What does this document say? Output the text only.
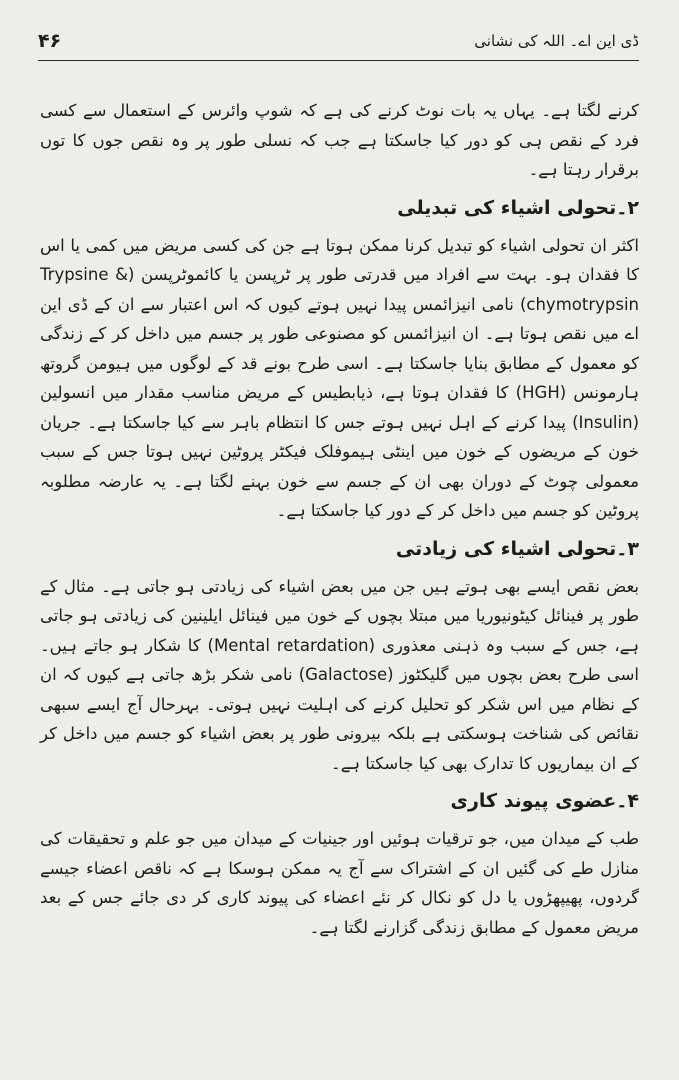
ڈی این اے۔ اللہ کی نشانی
۴۶

کرنے لگتا ہے۔ یہاں یہ بات نوٹ کرنے کی ہے کہ شوپ وائرس کے استعمال سے کسی فرد کے نقص ہی کو دور کیا جاسکتا ہے جب کہ نسلی طور پر وہ نقص جوں کا توں برقرار رہتا ہے۔

۲۔تحولی اشیاء کی تبدیلی

اکثر ان تحولی اشیاء کو تبدیل کرنا ممکن ہوتا ہے جن کی کسی مریض میں کمی یا اس کا فقدان ہو۔ بہت سے افراد میں قدرتی طور پر ٹرپسن یا کائموٹرپسن (Trypsine & chymotrypsin) نامی انیزائمس پیدا نہیں ہوتے کیوں کہ اس اعتبار سے ان کے ڈی این اے میں نقص ہوتا ہے۔ ان انیزائمس کو مصنوعی طور پر جسم میں داخل کر کے زندگی کو معمول کے مطابق بنایا جاسکتا ہے۔ اسی طرح بونے قد کے لوگوں میں ہیومن گروتھ ہارمونس (HGH) کا فقدان ہوتا ہے، ذیابطیس کے مریض مناسب مقدار میں انسولین (Insulin) پیدا کرنے کے اہل نہیں ہوتے جس کا انتظام باہر سے کیا جاسکتا ہے۔ جریان خون کے مریضوں کے خون میں اینٹی ہیموفلک فیکٹر پروٹین نہیں ہوتا جس کے سبب معمولی چوٹ کے دوران بھی ان کے جسم سے خون بہنے لگتا ہے۔ یہ عارضہ مطلوبہ پروٹین کو جسم میں داخل کر کے دور کیا جاسکتا ہے۔

۳۔تحولی اشیاء کی زیادتی

بعض نقص ایسے بھی ہوتے ہیں جن میں بعض اشیاء کی زیادتی ہو جاتی ہے۔ مثال کے طور پر فینائل کیٹونیوریا میں مبتلا بچوں کے خون میں فینائل ایلینین کی زیادتی ہو جاتی ہے، جس کے سبب وہ ذہنی معذوری (Mental retardation) کا شکار ہو جاتے ہیں۔ اسی طرح بعض بچوں میں گلیکٹوز (Galactose) نامی شکر بڑھ جاتی ہے کیوں کہ ان کے نظام میں اس شکر کو تحلیل کرنے کی اہلیت نہیں ہوتی۔ بہرحال آج ایسے سبھی نقائص کی شناخت ہوسکتی ہے بلکہ بیرونی طور پر بعض اشیاء کو جسم میں داخل کر کے ان بیماریوں کا تدارک بھی کیا جاسکتا ہے۔

۴۔عضوی پیوند کاری

طب کے میدان میں، جو ترقیات ہوئیں اور جینیات کے میدان میں جو علم و تحقیقات کی منازل طے کی گئیں ان کے اشتراک سے آج یہ ممکن ہوسکا ہے کہ ناقص اعضاء جیسے گردوں، پھیپھڑوں یا دل کو نکال کر نئے اعضاء کی پیوند کاری کر دی جائے جس کے بعد مریض معمول کے مطابق زندگی گزارنے لگتا ہے۔
